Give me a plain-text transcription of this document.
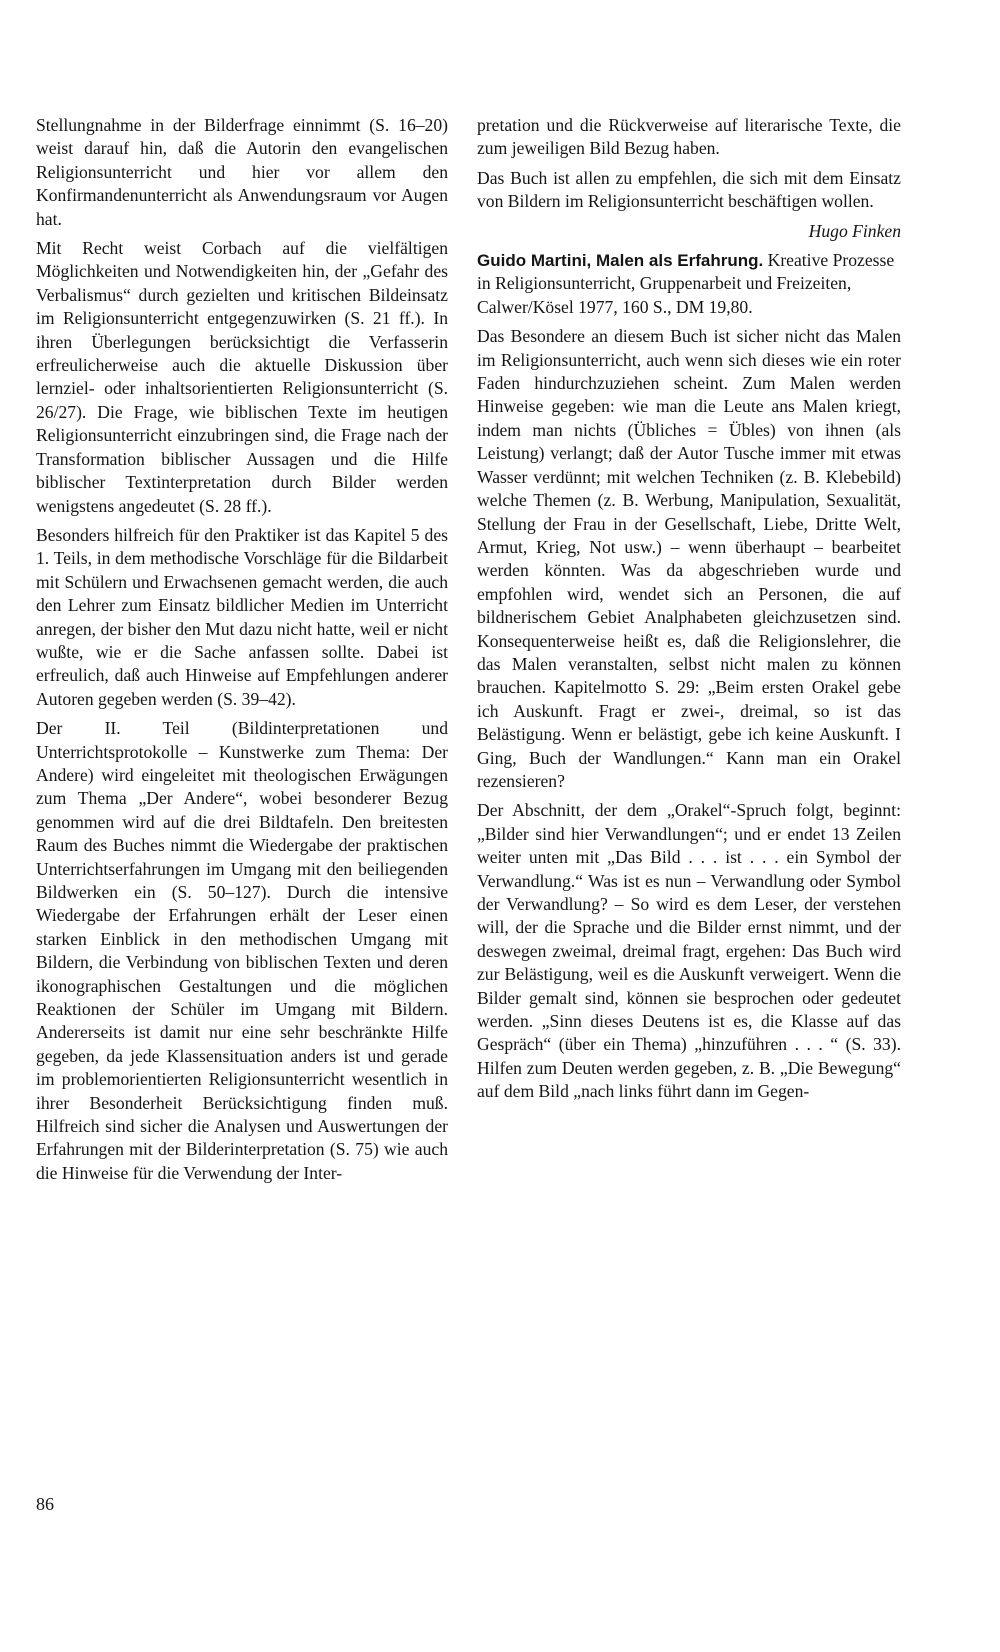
Stellungnahme in der Bilderfrage einnimmt (S. 16–20) weist darauf hin, daß die Autorin den evangelischen Religionsunterricht und hier vor allem den Konfirmandenunterricht als Anwendungsraum vor Augen hat.

Mit Recht weist Corbach auf die vielfältigen Möglichkeiten und Notwendigkeiten hin, der „Gefahr des Verbalismus“ durch gezielten und kritischen Bildeinsatz im Religionsunterricht entgegenzuwirken (S. 21 ff.). In ihren Überlegungen berücksichtigt die Verfasserin erfreulicherweise auch die aktuelle Diskussion über lernziel- oder inhaltsorientierten Religionsunterricht (S. 26/27). Die Frage, wie biblischen Texte im heutigen Religionsunterricht einzubringen sind, die Frage nach der Transformation biblischer Aussagen und die Hilfe biblischer Textinterpretation durch Bilder werden wenigstens angedeutet (S. 28 ff.).

Besonders hilfreich für den Praktiker ist das Kapitel 5 des 1. Teils, in dem methodische Vorschläge für die Bildarbeit mit Schülern und Erwachsenen gemacht werden, die auch den Lehrer zum Einsatz bildlicher Medien im Unterricht anregen, der bisher den Mut dazu nicht hatte, weil er nicht wußte, wie er die Sache anfassen sollte. Dabei ist erfreulich, daß auch Hinweise auf Empfehlungen anderer Autoren gegeben werden (S. 39–42).

Der II. Teil (Bildinterpretationen und Unterrichtsprotokolle – Kunstwerke zum Thema: Der Andere) wird eingeleitet mit theologischen Erwägungen zum Thema „Der Andere“, wobei besonderer Bezug genommen wird auf die drei Bildtafeln. Den breitesten Raum des Buches nimmt die Wiedergabe der praktischen Unterrichtserfahrungen im Umgang mit den beiliegenden Bildwerken ein (S. 50–127). Durch die intensive Wiedergabe der Erfahrungen erhält der Leser einen starken Einblick in den methodischen Umgang mit Bildern, die Verbindung von biblischen Texten und deren ikonographischen Gestaltungen und die möglichen Reaktionen der Schüler im Umgang mit Bildern. Andererseits ist damit nur eine sehr beschränkte Hilfe gegeben, da jede Klassensituation anders ist und gerade im problemorientierten Religionsunterricht wesentlich in ihrer Besonderheit Berücksichtigung finden muß. Hilfreich sind sicher die Analysen und Auswertungen der Erfahrungen mit der Bilderinterpretation (S. 75) wie auch die Hinweise für die Verwendung der Inter-

pretation und die Rückverweise auf literarische Texte, die zum jeweiligen Bild Bezug haben.

Das Buch ist allen zu empfehlen, die sich mit dem Einsatz von Bildern im Religionsunterricht beschäftigen wollen.

Hugo Finken

Guido Martini, Malen als Erfahrung. Kreative Prozesse in Religionsunterricht, Gruppenarbeit und Freizeiten, Calwer/Kösel 1977, 160 S., DM 19,80.

Das Besondere an diesem Buch ist sicher nicht das Malen im Religionsunterricht, auch wenn sich dieses wie ein roter Faden hindurchzuziehen scheint. Zum Malen werden Hinweise gegeben: wie man die Leute ans Malen kriegt, indem man nichts (Übliches = Übles) von ihnen (als Leistung) verlangt; daß der Autor Tusche immer mit etwas Wasser verdünnt; mit welchen Techniken (z. B. Klebebild) welche Themen (z. B. Werbung, Manipulation, Sexualität, Stellung der Frau in der Gesellschaft, Liebe, Dritte Welt, Armut, Krieg, Not usw.) – wenn überhaupt – bearbeitet werden könnten. Was da abgeschrieben wurde und empfohlen wird, wendet sich an Personen, die auf bildnerischem Gebiet Analphabeten gleichzusetzen sind. Konsequenterweise heißt es, daß die Religionslehrer, die das Malen veranstalten, selbst nicht malen zu können brauchen. Kapitelmotto S. 29: „Beim ersten Orakel gebe ich Auskunft. Fragt er zwei-, dreimal, so ist das Belästigung. Wenn er belästigt, gebe ich keine Auskunft. I Ging, Buch der Wandlungen.“ Kann man ein Orakel rezensieren?

Der Abschnitt, der dem „Orakel“-Spruch folgt, beginnt: „Bilder sind hier Verwandlungen“; und er endet 13 Zeilen weiter unten mit „Das Bild . . . ist . . . ein Symbol der Verwandlung.“ Was ist es nun – Verwandlung oder Symbol der Verwandlung? – So wird es dem Leser, der verstehen will, der die Sprache und die Bilder ernst nimmt, und der deswegen zweimal, dreimal fragt, ergehen: Das Buch wird zur Belästigung, weil es die Auskunft verweigert. Wenn die Bilder gemalt sind, können sie besprochen oder gedeutet werden. „Sinn dieses Deutens ist es, die Klasse auf das Gespräch“ (über ein Thema) „hinzuführen . . . “ (S. 33). Hilfen zum Deuten werden gegeben, z. B. „Die Bewegung“ auf dem Bild „nach links führt dann im Gegen-

86
